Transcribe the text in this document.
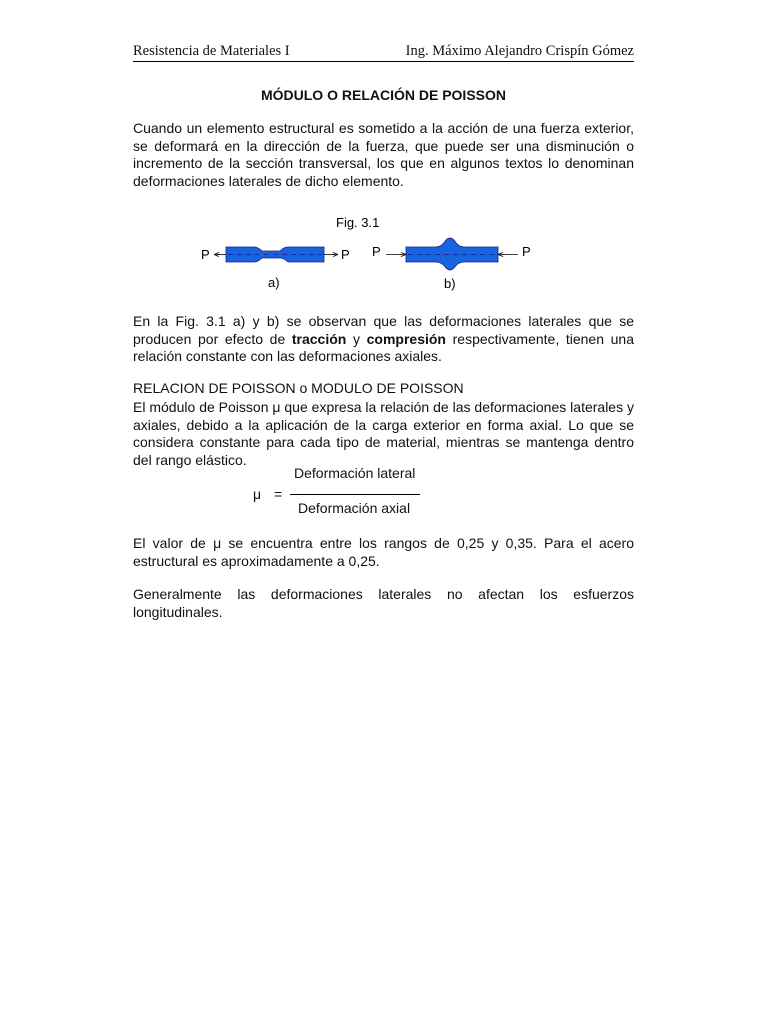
Resistencia de Materiales I	Ing. Máximo Alejandro Crispín Gómez
MÓDULO O RELACIÓN DE POISSON

Cuando un elemento estructural es sometido a la acción de una fuerza exterior, se deformará en la dirección de la fuerza, que puede ser una disminución o incremento de la sección transversal, los que en algunos textos lo denominan deformaciones laterales de dicho elemento.

Fig. 3.1
P	P
a)
P	P
b)

En la Fig. 3.1 a) y b) se observan que las deformaciones laterales que se producen por efecto de tracción y compresión respectivamente, tienen una relación constante con las deformaciones axiales.

RELACION DE POISSON o MODULO DE POISSON

El módulo de Poisson μ que expresa la relación de las deformaciones laterales y axiales, debido a la aplicación de la carga exterior en forma axial. Lo que se considera constante para cada tipo de material, mientras se mantenga dentro del rango elástico.

μ =
Deformación lateral
Deformación axial

El valor de μ se encuentra entre los rangos de 0,25 y 0,35. Para el acero estructural es aproximadamente a 0,25.

Generalmente las deformaciones laterales no afectan los esfuerzos longitudinales.
